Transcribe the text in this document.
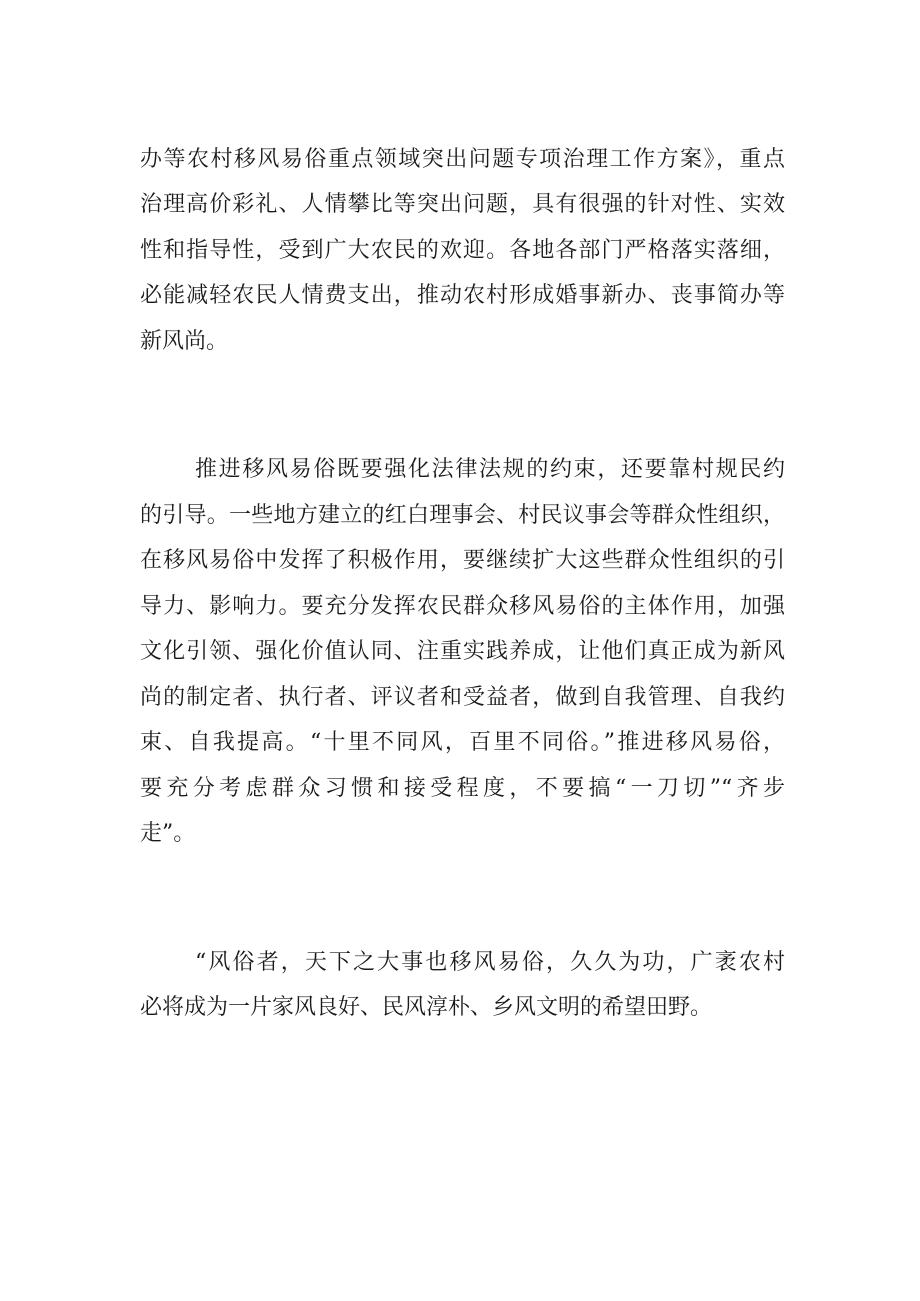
办等农村移风易俗重点领域突出问题专项治理工作方案》，重点
治理高价彩礼、人情攀比等突出问题，具有很强的针对性、实效
性和指导性，受到广大农民的欢迎。各地各部门严格落实落细，
必能减轻农民人情费支出，推动农村形成婚事新办、丧事简办等
新风尚。
推进移风易俗既要强化法律法规的约束，还要靠村规民约
的引导。一些地方建立的红白理事会、村民议事会等群众性组织，
在移风易俗中发挥了积极作用，要继续扩大这些群众性组织的引
导力、影响力。要充分发挥农民群众移风易俗的主体作用，加强
文化引领、强化价值认同、注重实践养成，让他们真正成为新风
尚的制定者、执行者、评议者和受益者，做到自我管理、自我约
束、自我提高。“十里不同风，百里不同俗。”推进移风易俗，
要充分考虑群众习惯和接受程度，不要搞“一刀切”“齐步
走”。
“风俗者，天下之大事也移风易俗，久久为功，广袤农村
必将成为一片家风良好、民风淳朴、乡风文明的希望田野。
